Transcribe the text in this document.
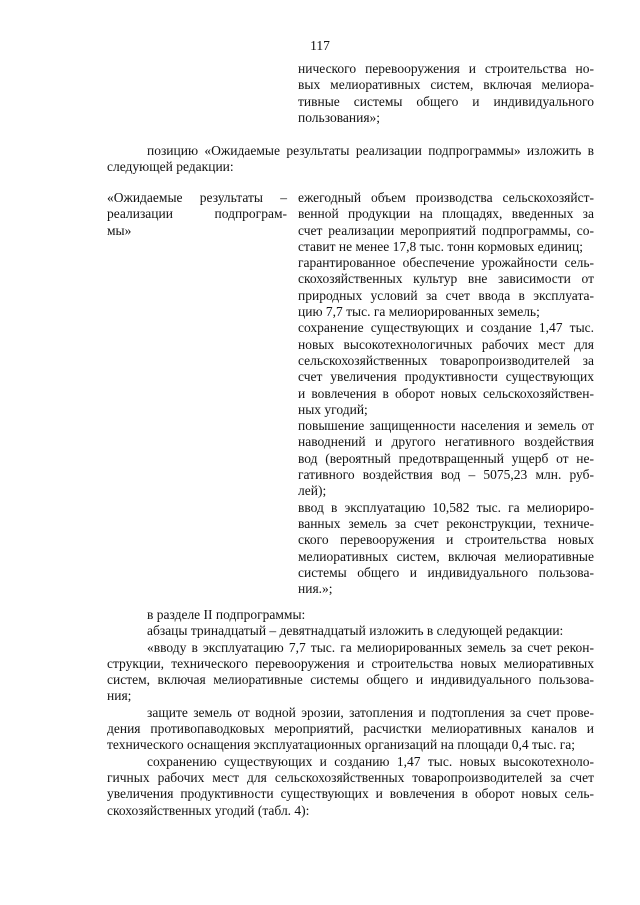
117
нического перевооружения и строительства но-
вых мелиоративных систем, включая мелиора-
тивные системы общего и индивидуального
пользования»;
позицию «Ожидаемые результаты реализации подпрограммы» изложить в
следующей редакции:
«Ожидаемые результаты –
реализации подпрограм-
мы»
ежегодный объем производства сельскохозяйст-
венной продукции на площадях, введенных за
счет реализации мероприятий подпрограммы, со-
ставит не менее 17,8 тыс. тонн кормовых единиц;
гарантированное обеспечение урожайности сель-
скохозяйственных культур вне зависимости от
природных условий за счет ввода в эксплуата-
цию 7,7 тыс. га мелиорированных земель;
сохранение существующих и создание 1,47 тыс.
новых высокотехнологичных рабочих мест для
сельскохозяйственных товаропроизводителей за
счет увеличения продуктивности существующих
и вовлечения в оборот новых сельскохозяйствен-
ных угодий;
повышение защищенности населения и земель от
наводнений и другого негативного воздействия
вод (вероятный предотвращенный ущерб от не-
гативного воздействия вод – 5075,23 млн. руб-
лей);
ввод в эксплуатацию 10,582 тыс. га мелиориро-
ванных земель за счет реконструкции, техниче-
ского перевооружения и строительства новых
мелиоративных систем, включая мелиоративные
системы общего и индивидуального пользова-
ния.»;
в разделе II подпрограммы:
абзацы тринадцатый – девятнадцатый изложить в следующей редакции:
«вводу в эксплуатацию 7,7 тыс. га мелиорированных земель за счет рекон-
струкции, технического перевооружения и строительства новых мелиоративных
систем, включая мелиоративные системы общего и индивидуального пользова-
ния;
защите земель от водной эрозии, затопления и подтопления за счет прове-
дения противопаводковых мероприятий, расчистки мелиоративных каналов и
технического оснащения эксплуатационных организаций на площади 0,4 тыс. га;
сохранению существующих и созданию 1,47 тыс. новых высокотехноло-
гичных рабочих мест для сельскохозяйственных товаропроизводителей за счет
увеличения продуктивности существующих и вовлечения в оборот новых сель-
скохозяйственных угодий (табл. 4):
